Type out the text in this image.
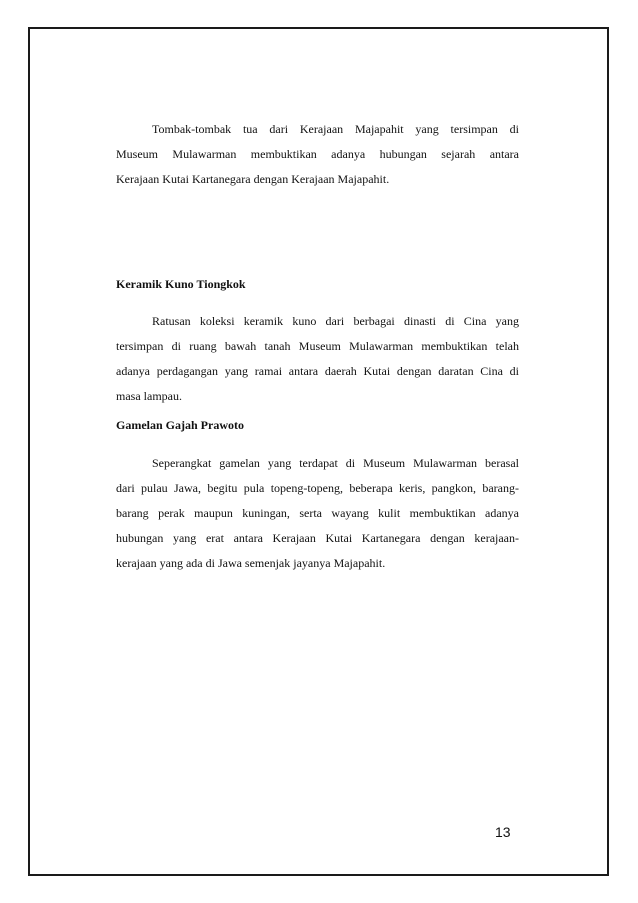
Tombak-tombak tua dari Kerajaan Majapahit yang tersimpan di
Museum Mulawarman membuktikan adanya hubungan sejarah antara
Kerajaan Kutai Kartanegara dengan Kerajaan Majapahit.

Keramik Kuno Tiongkok

Ratusan koleksi keramik kuno dari berbagai dinasti di Cina yang
tersimpan di ruang bawah tanah Museum Mulawarman membuktikan telah
adanya perdagangan yang ramai antara daerah Kutai dengan daratan Cina di
masa lampau.

Gamelan Gajah Prawoto

Seperangkat gamelan yang terdapat di Museum Mulawarman berasal
dari pulau Jawa, begitu pula topeng-topeng, beberapa keris, pangkon, barang-
barang perak maupun kuningan, serta wayang kulit membuktikan adanya
hubungan yang erat antara Kerajaan Kutai Kartanegara dengan kerajaan-
kerajaan yang ada di Jawa semenjak jayanya Majapahit.

13
